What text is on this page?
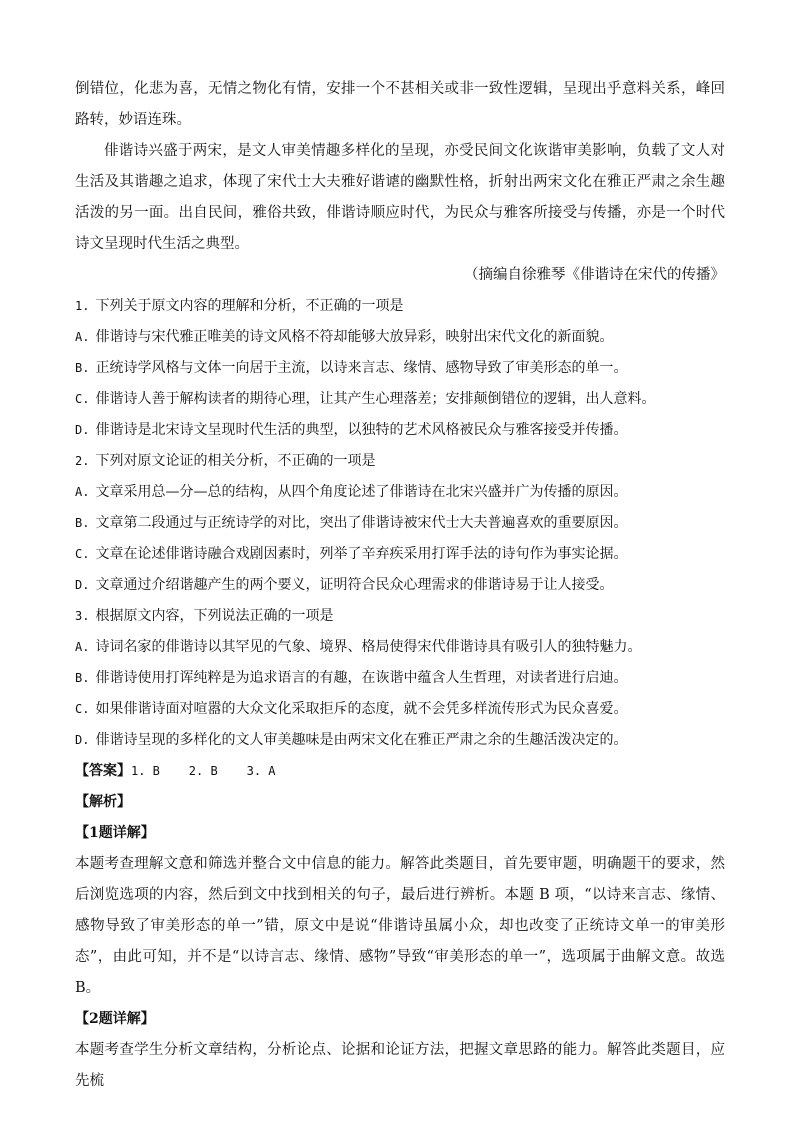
倒错位，化悲为喜，无情之物化有情，安排一个不甚相关或非一致性逻辑，呈现出乎意料关系，峰回路转，妙语连珠。

俳谐诗兴盛于两宋，是文人审美情趣多样化的呈现，亦受民间文化诙谐审美影响，负载了文人对生活及其谐趣之追求，体现了宋代士大夫雅好谐谑的幽默性格，折射出两宋文化在雅正严肃之余生趣活泼的另一面。出自民间，雅俗共致，俳谐诗顺应时代，为民众与雅客所接受与传播，亦是一个时代诗文呈现时代生活之典型。

（摘编自徐雅琴《俳谐诗在宋代的传播》

1. 下列关于原文内容的理解和分析，不正确的一项是

A. 俳谐诗与宋代雅正唯美的诗文风格不符却能够大放异彩，映射出宋代文化的新面貌。

B. 正统诗学风格与文体一向居于主流，以诗来言志、缘情、感物导致了审美形态的单一。

C. 俳谐诗人善于解构读者的期待心理，让其产生心理落差；安排颠倒错位的逻辑，出人意料。

D. 俳谐诗是北宋诗文呈现时代生活的典型，以独特的艺术风格被民众与雅客接受并传播。

2. 下列对原文论证的相关分析，不正确的一项是

A. 文章采用总—分—总的结构，从四个角度论述了俳谐诗在北宋兴盛并广为传播的原因。

B. 文章第二段通过与正统诗学的对比，突出了俳谐诗被宋代士大夫普遍喜欢的重要原因。

C. 文章在论述俳谐诗融合戏剧因素时，列举了辛弃疾采用打诨手法的诗句作为事实论据。

D. 文章通过介绍谐趣产生的两个要义，证明符合民众心理需求的俳谐诗易于让人接受。

3. 根据原文内容，下列说法正确的一项是

A. 诗词名家的俳谐诗以其罕见的气象、境界、格局使得宋代俳谐诗具有吸引人的独特魅力。

B. 俳谐诗使用打诨纯粹是为追求语言的有趣，在诙谐中蕴含人生哲理，对读者进行启迪。

C. 如果俳谐诗面对喧嚣的大众文化采取拒斥的态度，就不会凭多样流传形式为民众喜爱。

D. 俳谐诗呈现的多样化的文人审美趣味是由两宋文化在雅正严肃之余的生趣活泼决定的。

【答案】1. B    2. B    3. A

【解析】

【1题详解】

本题考查理解文意和筛选并整合文中信息的能力。解答此类题目，首先要审题，明确题干的要求，然后浏览选项的内容，然后到文中找到相关的句子，最后进行辨析。本题 B 项，“以诗来言志、缘情、感物导致了审美形态的单一”错，原文中是说“俳谐诗虽属小众，却也改变了正统诗文单一的审美形态”，由此可知，并不是“以诗言志、缘情、感物”导致“审美形态的单一”，选项属于曲解文意。故选 B。

【2题详解】

本题考查学生分析文章结构，分析论点、论据和论证方法，把握文章思路的能力。解答此类题目，应先梳
